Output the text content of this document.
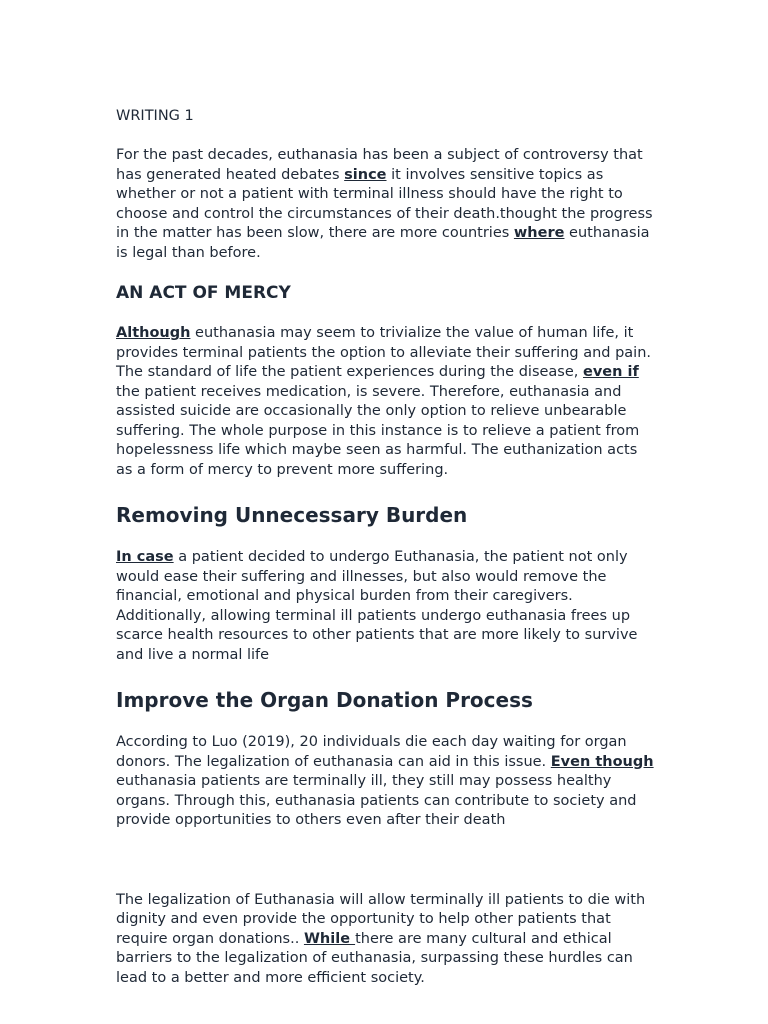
WRITING 1

For the past decades, euthanasia has been a subject of controversy that has generated heated debates since it involves sensitive topics as whether or not a patient with terminal illness should have the right to choose and control the circumstances of their death.thought the progress in the matter has been slow, there are more countries where euthanasia is legal than before.

AN ACT OF MERCY

Although euthanasia may seem to trivialize the value of human life, it provides terminal patients the option to alleviate their suffering and pain. The standard of life the patient experiences during the disease, even if the patient receives medication, is severe. Therefore, euthanasia and assisted suicide are occasionally the only option to relieve unbearable suffering. The whole purpose in this instance is to relieve a patient from hopelessness life which maybe seen as harmful. The euthanization acts as a form of mercy to prevent more suffering.

Removing Unnecessary Burden

In case a patient decided to undergo Euthanasia, the patient not only would ease their suffering and illnesses, but also would remove the financial, emotional and physical burden from their caregivers. Additionally, allowing terminal ill patients undergo euthanasia frees up scarce health resources to other patients that are more likely to survive and live a normal life

Improve the Organ Donation Process

According to Luo (2019), 20 individuals die each day waiting for organ donors. The legalization of euthanasia can aid in this issue. Even though euthanasia patients are terminally ill, they still may possess healthy organs. Through this, euthanasia patients can contribute to society and provide opportunities to others even after their death

The legalization of Euthanasia will allow terminally ill patients to die with dignity and even provide the opportunity to help other patients that require organ donations.. While there are many cultural and ethical barriers to the legalization of euthanasia, surpassing these hurdles can lead to a better and more efficient society.
